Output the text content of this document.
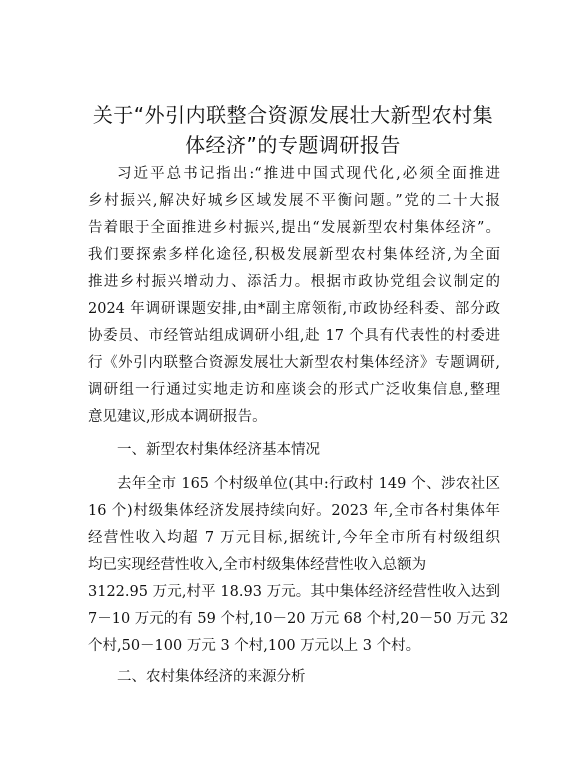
关于“外引内联整合资源发展壮大新型农村集
体经济”的专题调研报告
习近平总书记指出:“推进中国式现代化,必须全面推进
乡村振兴,解决好城乡区域发展不平衡问题。”党的二十大报
告着眼于全面推进乡村振兴,提出“发展新型农村集体经济”。
我们要探索多样化途径,积极发展新型农村集体经济,为全面
推进乡村振兴增动力、添活力。根据市政协党组会议制定的
2024 年调研课题安排,由*副主席领衔,市政协经科委、部分政
协委员、市经管站组成调研小组,赴 17 个具有代表性的村委进
行《外引内联整合资源发展壮大新型农村集体经济》专题调研,
调研组一行通过实地走访和座谈会的形式广泛收集信息,整理
意见建议,形成本调研报告。
一、新型农村集体经济基本情况
去年全市 165 个村级单位(其中:行政村 149 个、涉农社区
16 个)村级集体经济发展持续向好。2023 年,全市各村集体年
经营性收入均超 7 万元目标,据统计,今年全市所有村级组织
均已实现经营性收入,全市村级集体经营性收入总额为
3122.95 万元,村平 18.93 万元。其中集体经济经营性收入达到
7－10 万元的有 59 个村,10－20 万元 68 个村,20－50 万元 32
个村,50－100 万元 3 个村,100 万元以上 3 个村。
二、农村集体经济的来源分析
